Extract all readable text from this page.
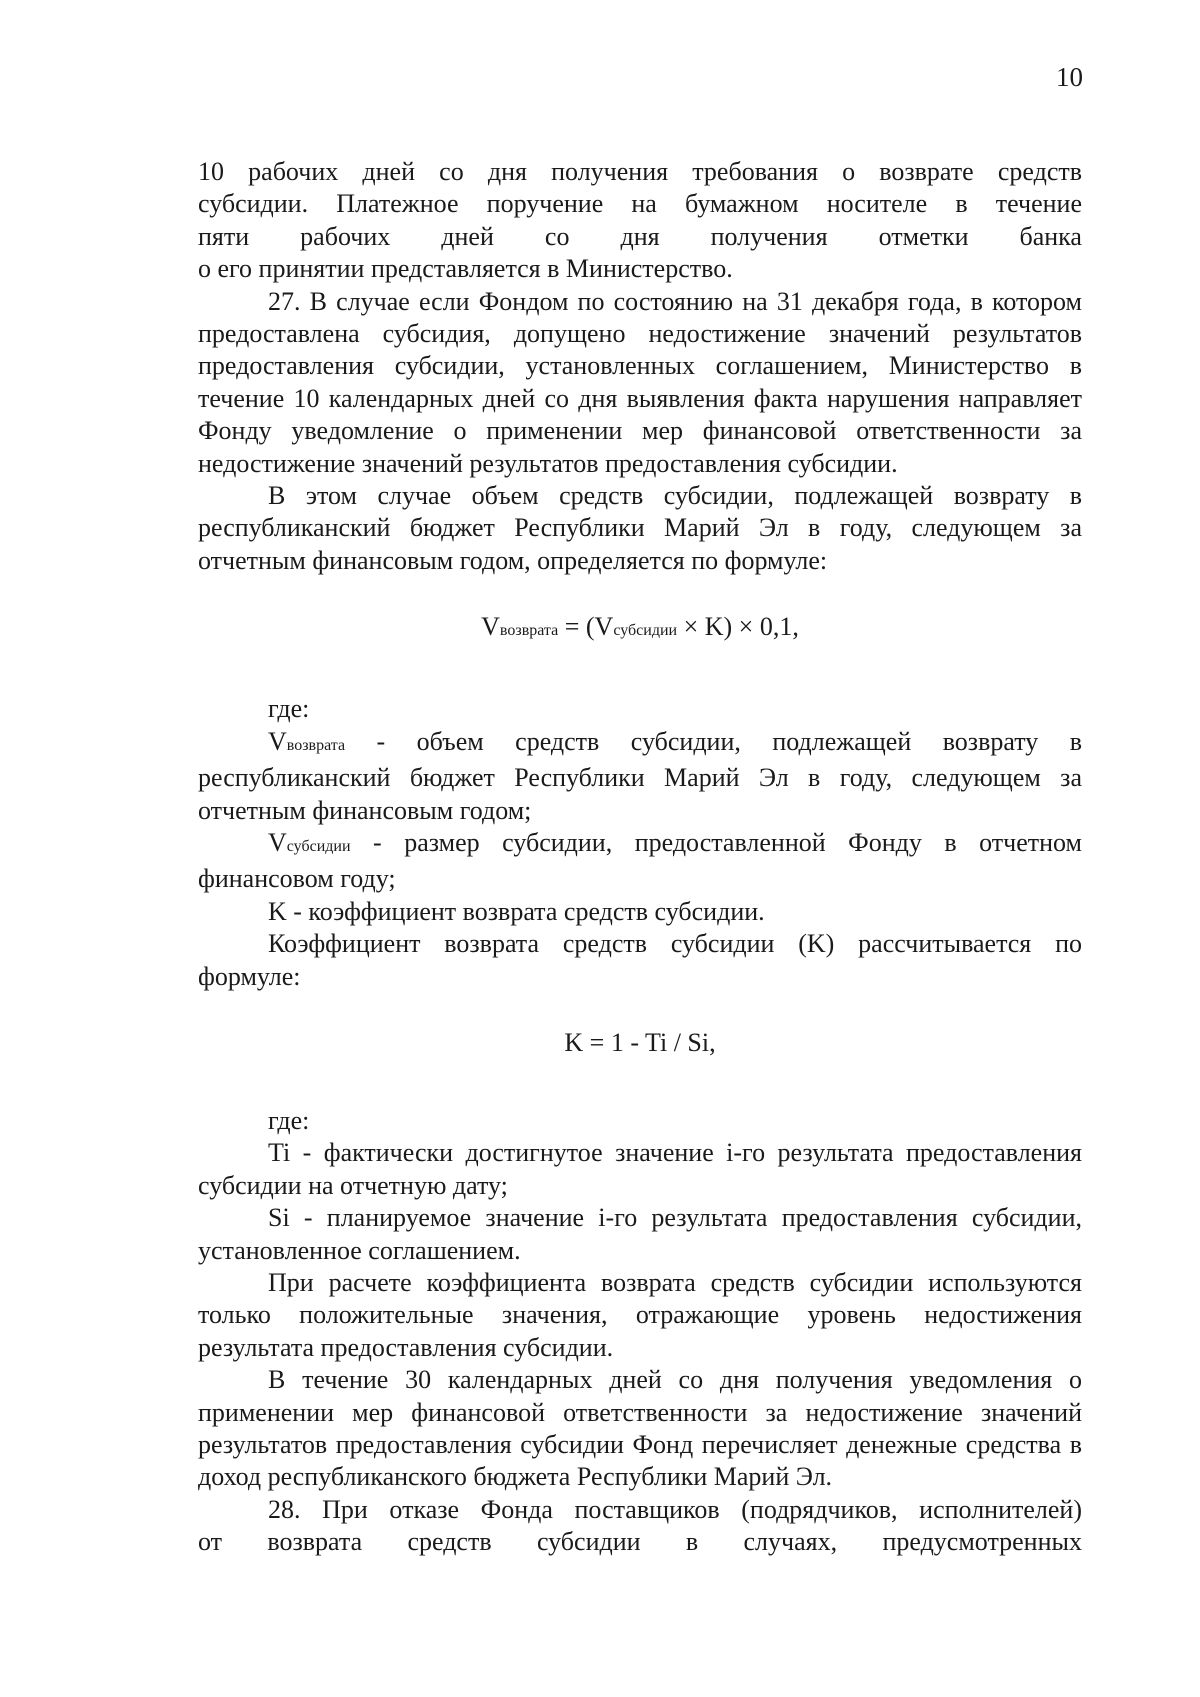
10

10 рабочих дней со дня получения требования о возврате средств

субсидии. Платежное поручение на бумажном носителе в течение

пяти рабочих дней со дня получения отметки банка

о его принятии представляется в Министерство.

27. В случае если Фондом по состоянию на 31 декабря года, в котором предоставлена субсидия, допущено недостижение значений результатов предоставления субсидии, установленных соглашением, Министерство в течение 10 календарных дней со дня выявления факта нарушения направляет Фонду уведомление о применении мер финансовой ответственности за недостижение значений результатов предоставления субсидии.

В этом случае объем средств субсидии, подлежащей возврату в республиканский бюджет Республики Марий Эл в году, следующем за отчетным финансовым годом, определяется по формуле:

Vвозврата = (Vсубсидии × K) × 0,1,

где:

Vвозврата - объем средств субсидии, подлежащей возврату в республиканский бюджет Республики Марий Эл в году, следующем за отчетным финансовым годом;

Vсубсидии - размер субсидии, предоставленной Фонду в отчетном финансовом году;

K - коэффициент возврата средств субсидии.

Коэффициент возврата средств субсидии (K) рассчитывается по формуле:

K = 1 - Ti / Si,

где:

Ti - фактически достигнутое значение i-го результата предоставления субсидии на отчетную дату;

Si - планируемое значение i-го результата предоставления субсидии, установленное соглашением.

При расчете коэффициента возврата средств субсидии используются только положительные значения, отражающие уровень недостижения результата предоставления субсидии.

В течение 30 календарных дней со дня получения уведомления о применении мер финансовой ответственности за недостижение значений результатов предоставления субсидии Фонд перечисляет денежные средства в доход республиканского бюджета Республики Марий Эл.

28. При отказе Фонда поставщиков (подрядчиков, исполнителей)

от возврата средств субсидии в случаях, предусмотренных
